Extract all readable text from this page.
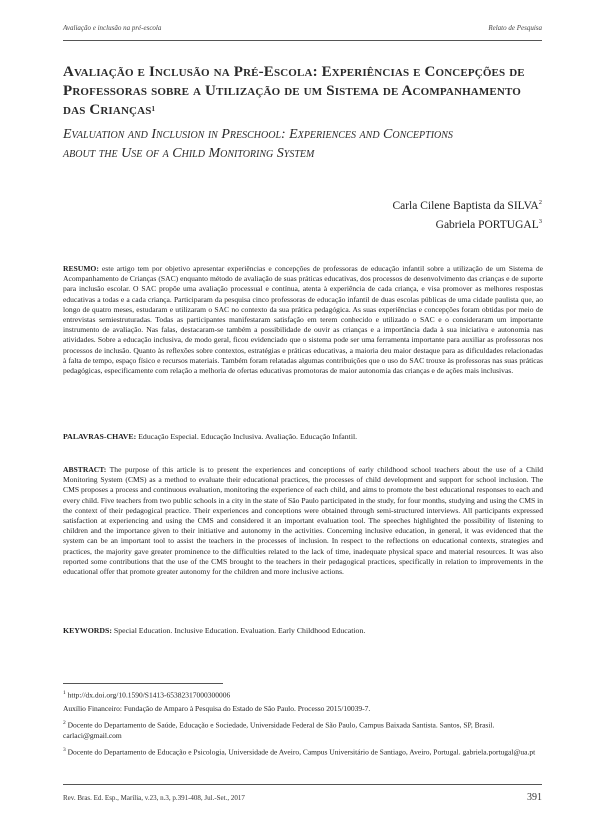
Avaliação e inclusão na pré-escola	Relato de Pesquisa
Avaliação e Inclusão na Pré-Escola: Experiências e Concepções de
Professoras sobre a Utilização de um Sistema de Acompanhamento
das Crianças$^1$
Evaluation and Inclusion in Preschool: Experiences and Conceptions
about the Use of a Child Monitoring System
Carla Cilene Baptista da SILVA$^2$
Gabriela PORTUGAL$^3$
RESUMO: este artigo tem por objetivo apresentar experiências e concepções de professoras de educação infantil sobre a utilização de um Sistema de Acompanhamento de Crianças (SAC) enquanto método de avaliação de suas práticas educativas, dos processos de desenvolvimento das crianças e de suporte para inclusão escolar. O SAC propõe uma avaliação processual e contínua, atenta à experiência de cada criança, e visa promover as melhores respostas educativas a todas e a cada criança. Participaram da pesquisa cinco professoras de educação infantil de duas escolas públicas de uma cidade paulista que, ao longo de quatro meses, estudaram e utilizaram o SAC no contexto da sua prática pedagógica. As suas experiências e concepções foram obtidas por meio de entrevistas semiestruturadas. Todas as participantes manifestaram satisfação em terem conhecido e utilizado o SAC e o consideraram um importante instrumento de avaliação. Nas falas, destacaram-se também a possibilidade de ouvir as crianças e a importância dada à sua iniciativa e autonomia nas atividades. Sobre a educação inclusiva, de modo geral, ficou evidenciado que o sistema pode ser uma ferramenta importante para auxiliar as professoras nos processos de inclusão. Quanto às reflexões sobre contextos, estratégias e práticas educativas, a maioria deu maior destaque para as dificuldades relacionadas à falta de tempo, espaço físico e recursos materiais. Também foram relatadas algumas contribuições que o uso do SAC trouxe às professoras nas suas práticas pedagógicas, especificamente com relação a melhoria de ofertas educativas promotoras de maior autonomia das crianças e de ações mais inclusivas.
PALAVRAS-CHAVE: Educação Especial. Educação Inclusiva. Avaliação. Educação Infantil.
ABSTRACT: The purpose of this article is to present the experiences and conceptions of early childhood school teachers about the use of a Child Monitoring System (CMS) as a method to evaluate their educational practices, the processes of child development and support for school inclusion. The CMS proposes a process and continuous evaluation, monitoring the experience of each child, and aims to promote the best educational responses to each and every child. Five teachers from two public schools in a city in the state of São Paulo participated in the study, for four months, studying and using the CMS in the context of their pedagogical practice. Their experiences and conceptions were obtained through semi-structured interviews. All participants expressed satisfaction at experiencing and using the CMS and considered it an important evaluation tool. The speeches highlighted the possibility of listening to children and the importance given to their initiative and autonomy in the activities. Concerning inclusive education, in general, it was evidenced that the system can be an important tool to assist the teachers in the processes of inclusion. In respect to the reflections on educational contexts, strategies and practices, the majority gave greater prominence to the difficulties related to the lack of time, inadequate physical space and material resources. It was also reported some contributions that the use of the CMS brought to the teachers in their pedagogical practices, specifically in relation to improvements in the educational offer that promote greater autonomy for the children and more inclusive actions.
KEYWORDS: Special Education. Inclusive Education. Evaluation. Early Childhood Education.

$^1$ http://dx.doi.org/10.1590/S1413-65382317000300006

Auxílio Financeiro: Fundação de Amparo à Pesquisa do Estado de São Paulo. Processo 2015/10039-7.

$^2$ Docente do Departamento de Saúde, Educação e Sociedade, Universidade Federal de São Paulo, Campus Baixada Santista. Santos, SP, Brasil. carlaci@gmail.com

$^3$ Docente do Departamento de Educação e Psicologia, Universidade de Aveiro, Campus Universitário de Santiago, Aveiro, Portugal. gabriela.portugal@ua.pt

Rev. Bras. Ed. Esp., Marília, v.23, n.3, p.391-408, Jul.-Set., 2017	391
